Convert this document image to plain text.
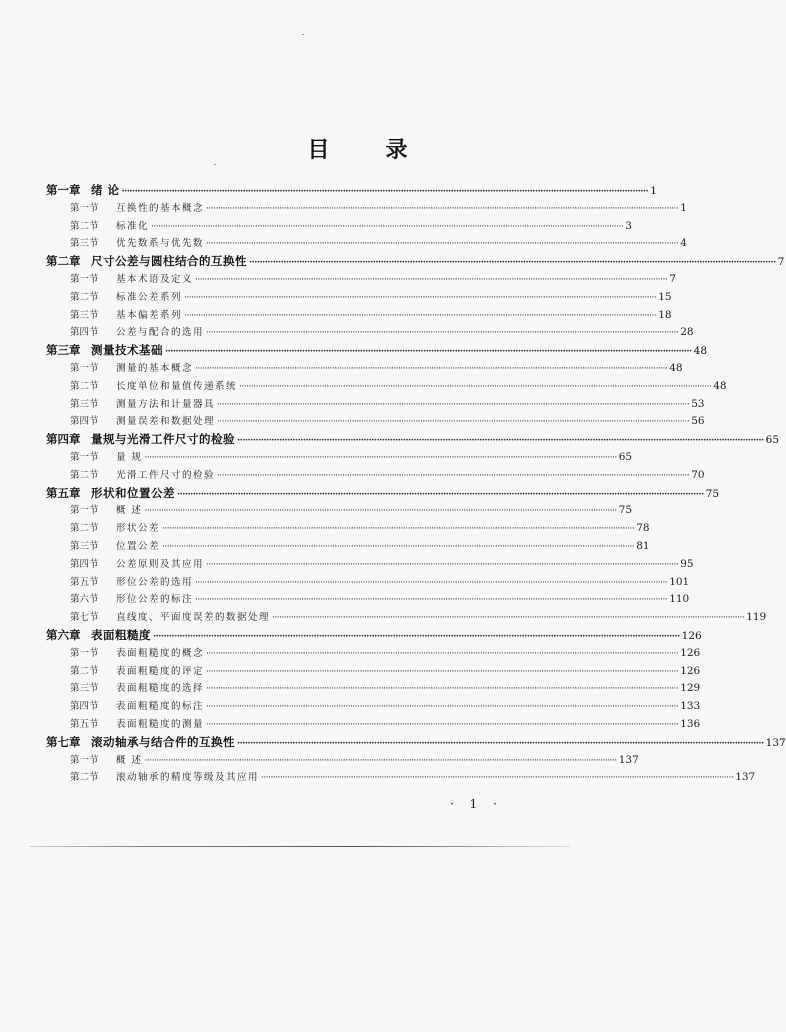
目	录
第一章 绪 论 ········································································································································································································ 1
第一节	互换性的基本概念 ········································································································································································································ 1
第二节	标准化 ········································································································································································································ 3
第三节	优先数系与优先数 ········································································································································································································ 4
第二章 尺寸公差与圆柱结合的互换性 ········································································································································································································ 7
第一节	基本术语及定义 ········································································································································································································ 7
第二节	标准公差系列 ········································································································································································································ 15
第三节	基本偏差系列 ········································································································································································································ 18
第四节	公差与配合的选用 ········································································································································································································ 28
第三章 测量技术基础 ········································································································································································································ 48
第一节	测量的基本概念 ········································································································································································································ 48
第二节	长度单位和量值传递系统 ········································································································································································································ 48
第三节	测量方法和计量器具 ········································································································································································································ 53
第四节	测量误差和数据处理 ········································································································································································································ 56
第四章 量规与光滑工件尺寸的检验 ········································································································································································································ 65
第一节	量 规 ········································································································································································································ 65
第二节	光滑工件尺寸的检验 ········································································································································································································ 70
第五章 形状和位置公差 ········································································································································································································ 75
第一节	概 述 ········································································································································································································ 75
第二节	形状公差 ········································································································································································································ 78
第三节	位置公差 ········································································································································································································ 81
第四节	公差原则及其应用 ········································································································································································································ 95
第五节	形位公差的选用 ········································································································································································································ 101
第六节	形位公差的标注 ········································································································································································································ 110
第七节	直线度、平面度误差的数据处理 ········································································································································································································ 119
第六章 表面粗糙度 ········································································································································································································ 126
第一节	表面粗糙度的概念 ········································································································································································································ 126
第二节	表面粗糙度的评定 ········································································································································································································ 126
第三节	表面粗糙度的选择 ········································································································································································································ 129
第四节	表面粗糙度的标注 ········································································································································································································ 133
第五节	表面粗糙度的测量 ········································································································································································································ 136
第七章 滚动轴承与结合件的互换性 ········································································································································································································ 137
第一节	概 述 ········································································································································································································ 137
第二节	滚动轴承的精度等级及其应用 ········································································································································································································ 137
· 1 ·
